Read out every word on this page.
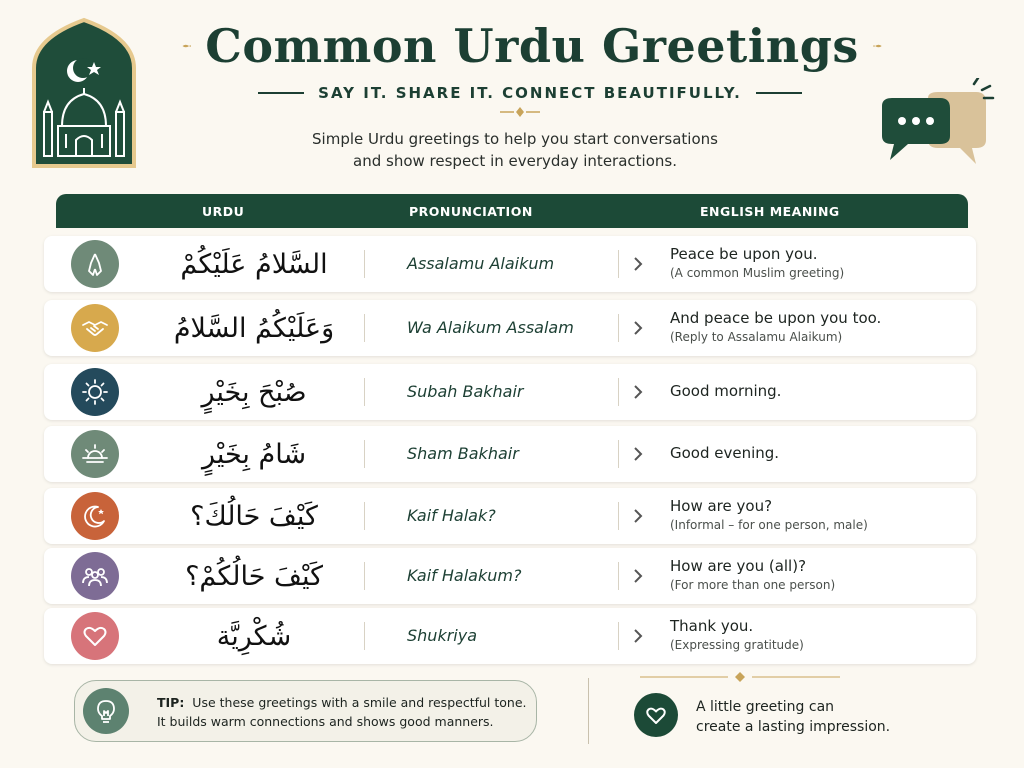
Common Urdu Greetings
SAY IT. SHARE IT. CONNECT BEAUTIFULLY.
Simple Urdu greetings to help you start conversations
and show respect in everyday interactions.
URDU	PRONUNCIATION	ENGLISH MEANING
السَّلامُ عَلَيْكُمْ	Assalamu Alaikum	Peace be upon you.
(A common Muslim greeting)
وَعَلَيْكُمُ السَّلامُ	Wa Alaikum Assalam	And peace be upon you too.
(Reply to Assalamu Alaikum)
صُبْحَ بِخَيْرٍ	Subah Bakhair	Good morning.
شَامُ بِخَيْرٍ	Sham Bakhair	Good evening.
كَيْفَ حَالُكَ؟	Kaif Halak?	How are you?
(Informal – for one person, male)
كَيْفَ حَالُكُمْ؟	Kaif Halakum?	How are you (all)?
(For more than one person)
شُكْرِيَّة	Shukriya	Thank you.
(Expressing gratitude)
TIP: Use these greetings with a smile and respectful tone.
It builds warm connections and shows good manners.
A little greeting can
create a lasting impression.
